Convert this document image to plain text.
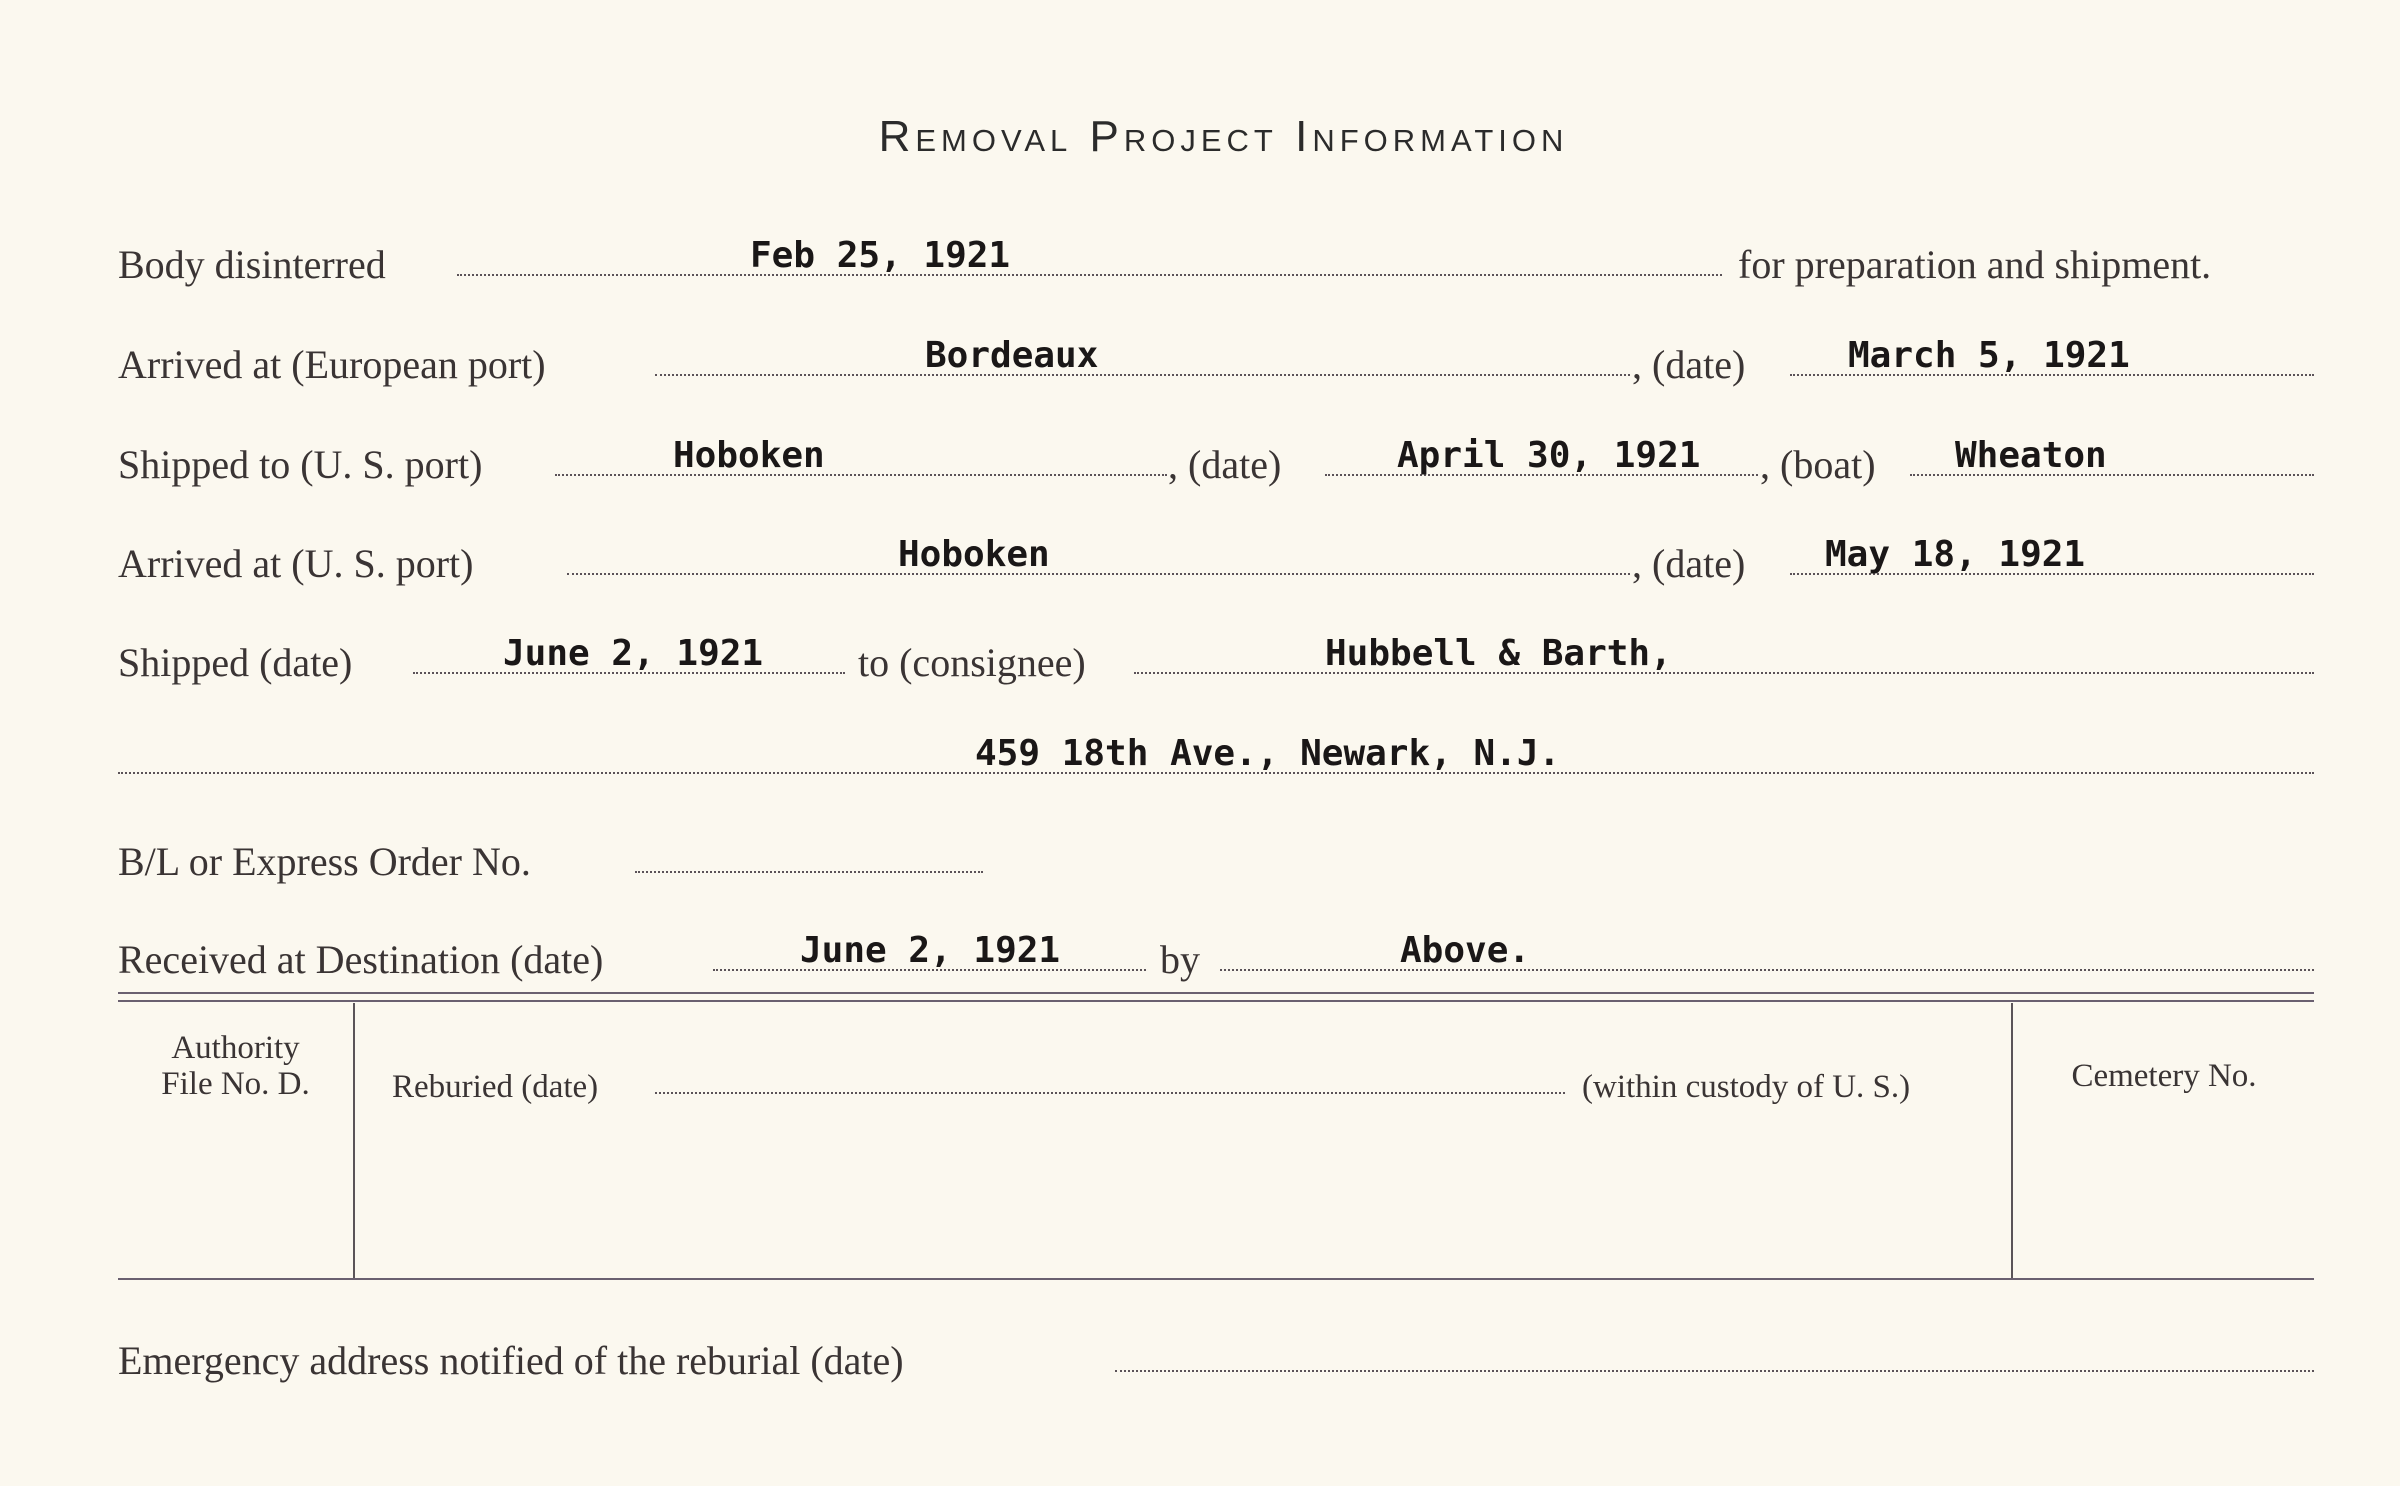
Removal Project Information
Body disinterred	Feb 25, 1921	for preparation and shipment.
Arrived at (European port)	Bordeaux	, (date)	March 5, 1921
Shipped to (U. S. port)	Hoboken	, (date)	April 30, 1921 , (boat) Wheaton
Arrived at (U. S. port)	Hoboken	, (date) May 18, 1921
Shipped (date)	June 2, 1921 to (consignee)	Hubbell & Barth,
459 18th Ave., Newark, N.J.
B/L or Express Order No.
Received at Destination (date)	June 2, 1921 by	Above.
Authority
File No. D.	Reburied (date)	(within custody of U. S.)	Cemetery No.
Emergency address notified of the reburial (date)
